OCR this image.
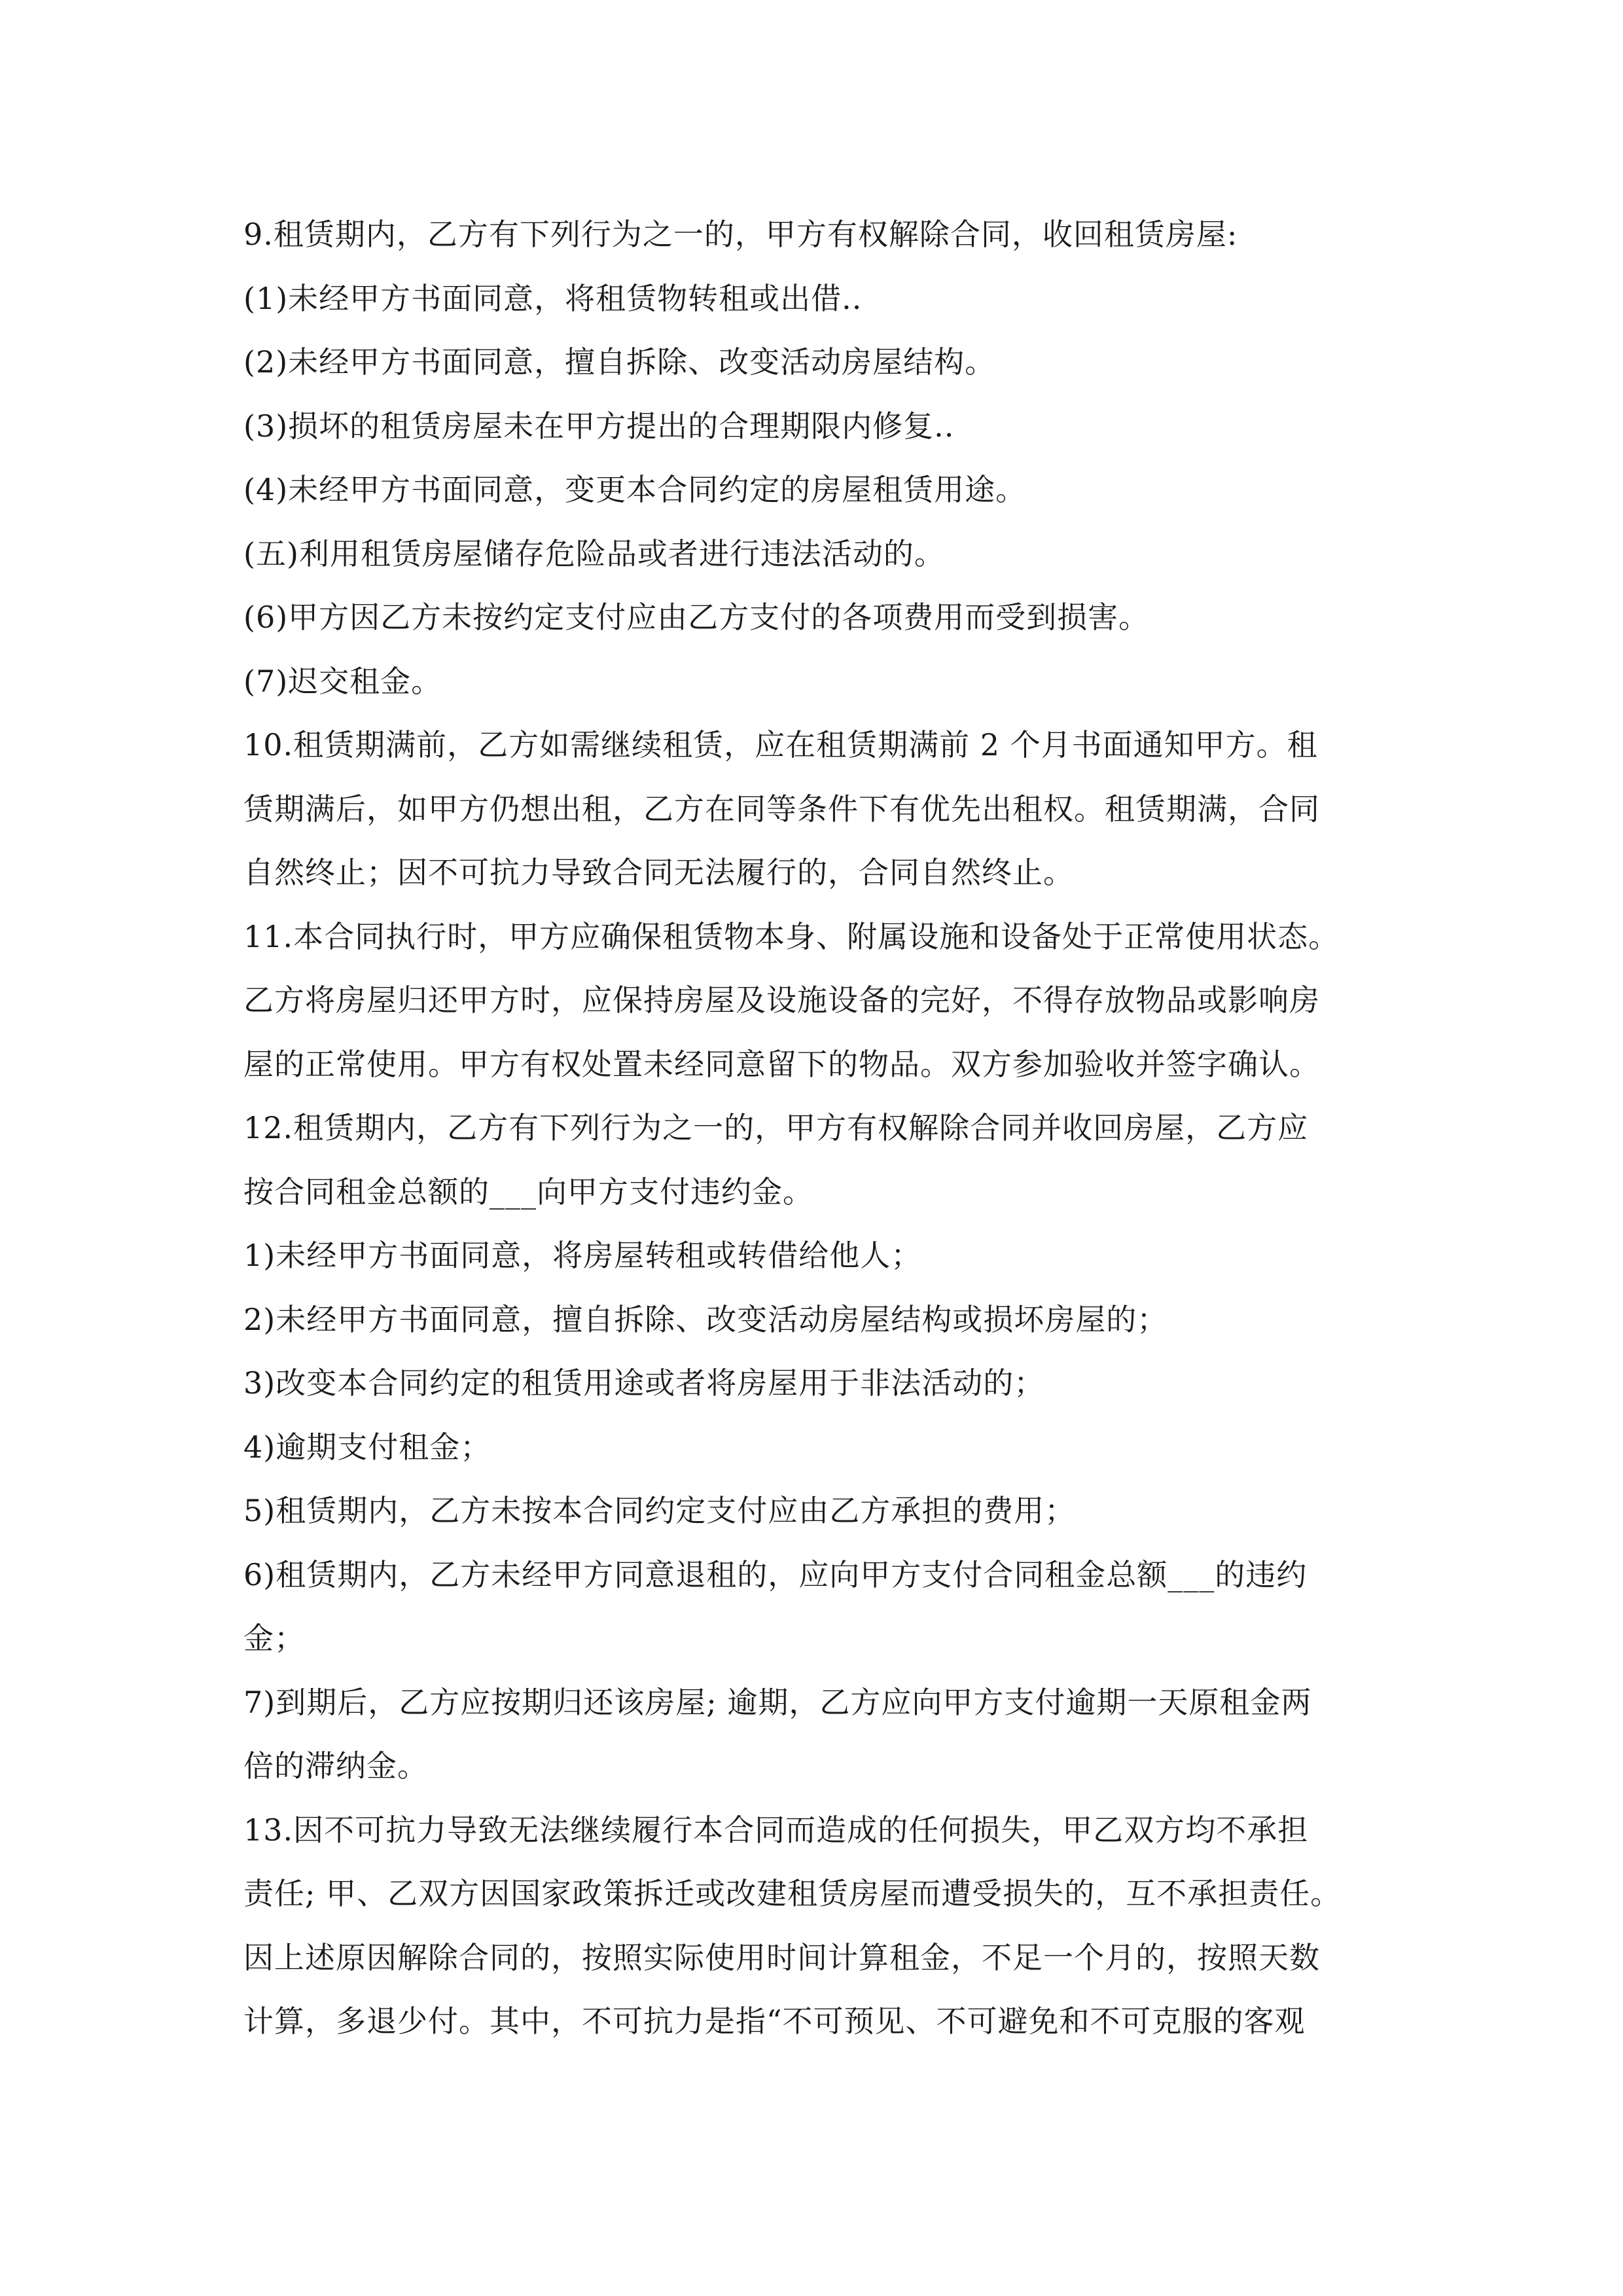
9.租赁期内，乙方有下列行为之一的，甲方有权解除合同，收回租赁房屋:
(1)未经甲方书面同意，将租赁物转租或出借..
(2)未经甲方书面同意，擅自拆除、改变活动房屋结构。
(3)损坏的租赁房屋未在甲方提出的合理期限内修复..
(4)未经甲方书面同意，变更本合同约定的房屋租赁用途。
(五)利用租赁房屋储存危险品或者进行违法活动的。
(6)甲方因乙方未按约定支付应由乙方支付的各项费用而受到损害。
(7)迟交租金。
10.租赁期满前，乙方如需继续租赁，应在租赁期满前 2 个月书面通知甲方。租
赁期满后，如甲方仍想出租，乙方在同等条件下有优先出租权。租赁期满，合同
自然终止；因不可抗力导致合同无法履行的，合同自然终止。
11.本合同执行时，甲方应确保租赁物本身、附属设施和设备处于正常使用状态。
乙方将房屋归还甲方时，应保持房屋及设施设备的完好，不得存放物品或影响房
屋的正常使用。甲方有权处置未经同意留下的物品。双方参加验收并签字确认。
12.租赁期内，乙方有下列行为之一的，甲方有权解除合同并收回房屋，乙方应
按合同租金总额的___向甲方支付违约金。
1)未经甲方书面同意，将房屋转租或转借给他人；
2)未经甲方书面同意，擅自拆除、改变活动房屋结构或损坏房屋的；
3)改变本合同约定的租赁用途或者将房屋用于非法活动的；
4)逾期支付租金；
5)租赁期内，乙方未按本合同约定支付应由乙方承担的费用；
6)租赁期内，乙方未经甲方同意退租的，应向甲方支付合同租金总额___的违约
金；
7)到期后，乙方应按期归还该房屋; 逾期，乙方应向甲方支付逾期一天原租金两
倍的滞纳金。
13.因不可抗力导致无法继续履行本合同而造成的任何损失，甲乙双方均不承担
责任; 甲、乙双方因国家政策拆迁或改建租赁房屋而遭受损失的，互不承担责任。
因上述原因解除合同的，按照实际使用时间计算租金，不足一个月的，按照天数
计算，多退少付。其中，不可抗力是指“不可预见、不可避免和不可克服的客观
